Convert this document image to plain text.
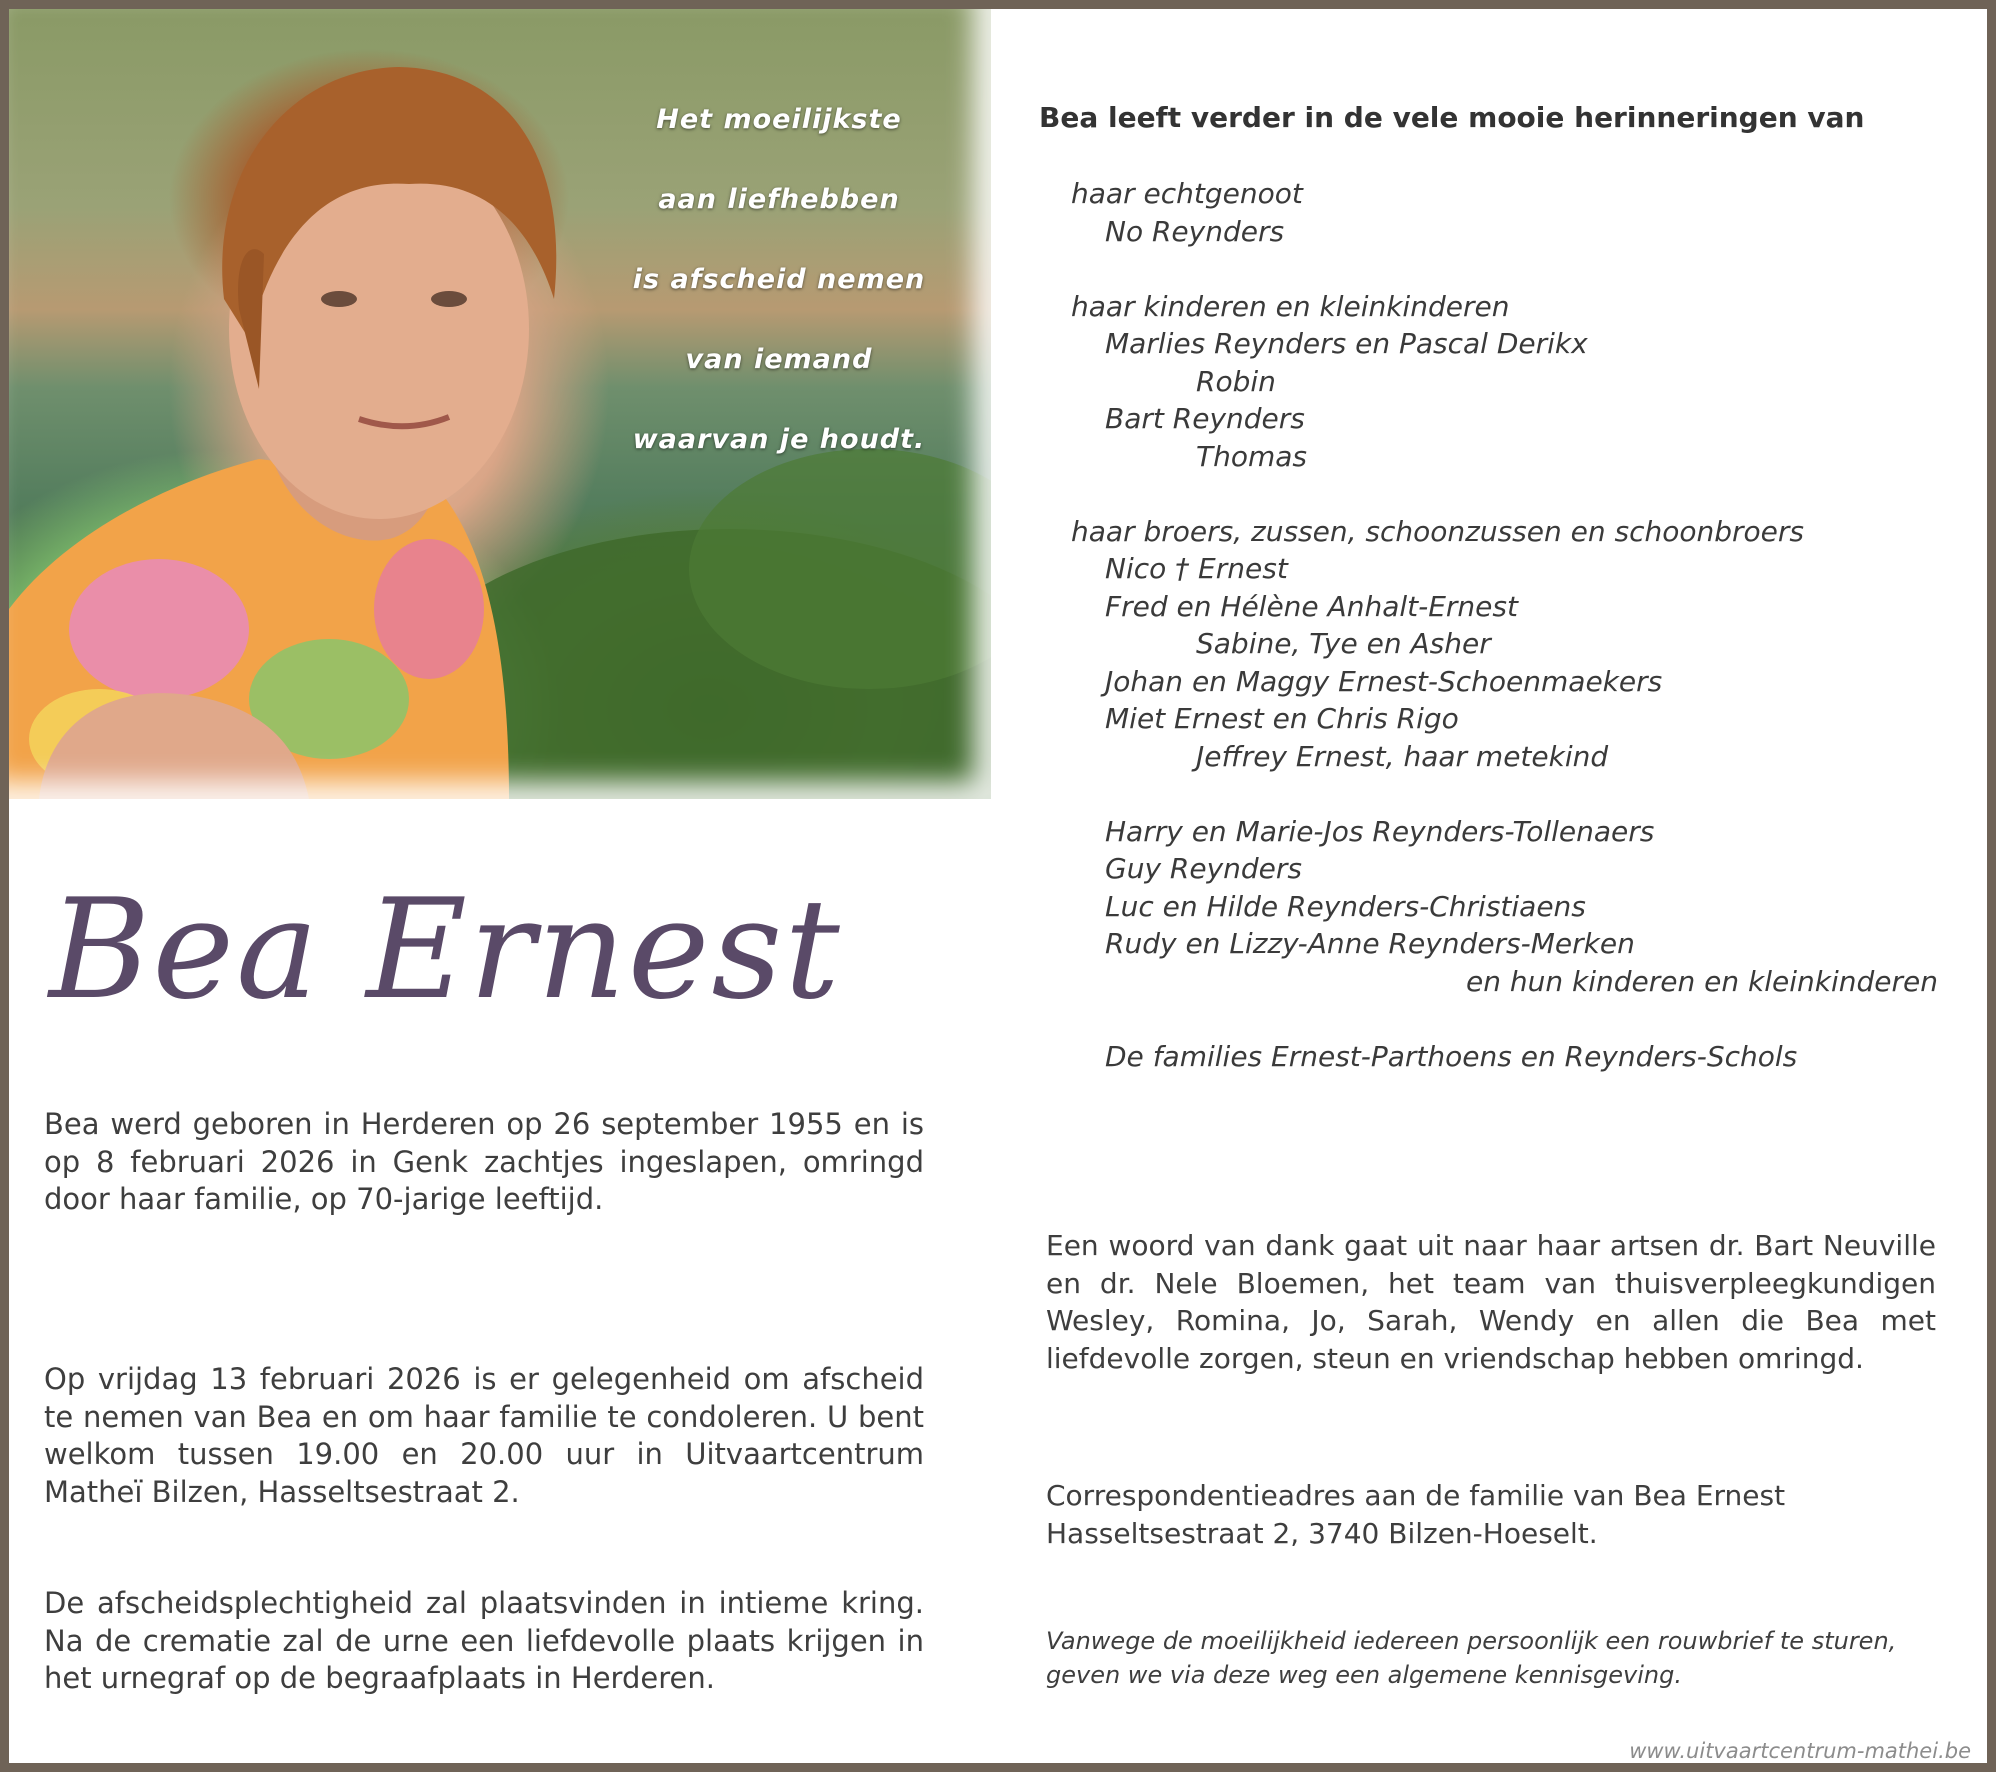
Het moeilijkste
aan liefhebben
is afscheid nemen
van iemand
waarvan je houdt.
Bea Ernest
Bea werd geboren in Herderen op 26 september 1955 en is op 8 februari 2026 in Genk zachtjes ingeslapen, omringd door haar familie, op 70-jarige leeftijd.
Op vrijdag 13 februari 2026 is er gelegenheid om afscheid te nemen van Bea en om haar familie te condoleren. U bent welkom tussen 19.00 en 20.00 uur in Uitvaartcentrum Matheï Bilzen, Hasseltsestraat 2.
De afscheidsplechtigheid zal plaatsvinden in intieme kring. Na de crematie zal de urne een liefdevolle plaats krijgen in het urnegraf op de begraafplaats in Herderen.
Bea leeft verder in de vele mooie herinneringen van
haar echtgenoot
No Reynders
haar kinderen en kleinkinderen
Marlies Reynders en Pascal Derikx
Robin
Bart Reynders
Thomas
haar broers, zussen, schoonzussen en schoonbroers
Nico † Ernest
Fred en Hélène Anhalt-Ernest
Sabine, Tye en Asher
Johan en Maggy Ernest-Schoenmaekers
Miet Ernest en Chris Rigo
Jeffrey Ernest, haar metekind
Harry en Marie-Jos Reynders-Tollenaers
Guy Reynders
Luc en Hilde Reynders-Christiaens
Rudy en Lizzy-Anne Reynders-Merken
en hun kinderen en kleinkinderen
De families Ernest-Parthoens en Reynders-Schols
Een woord van dank gaat uit naar haar artsen dr. Bart Neuville en dr. Nele Bloemen, het team van thuisverpleegkundigen Wesley, Romina, Jo, Sarah, Wendy en allen die Bea met liefdevolle zorgen, steun en vriendschap hebben omringd.
Correspondentieadres aan de familie van Bea Ernest
Hasseltsestraat 2, 3740 Bilzen-Hoeselt.
Vanwege de moeilijkheid iedereen persoonlijk een rouwbrief te sturen, geven we via deze weg een algemene kennisgeving.
www.uitvaartcentrum-mathei.be
